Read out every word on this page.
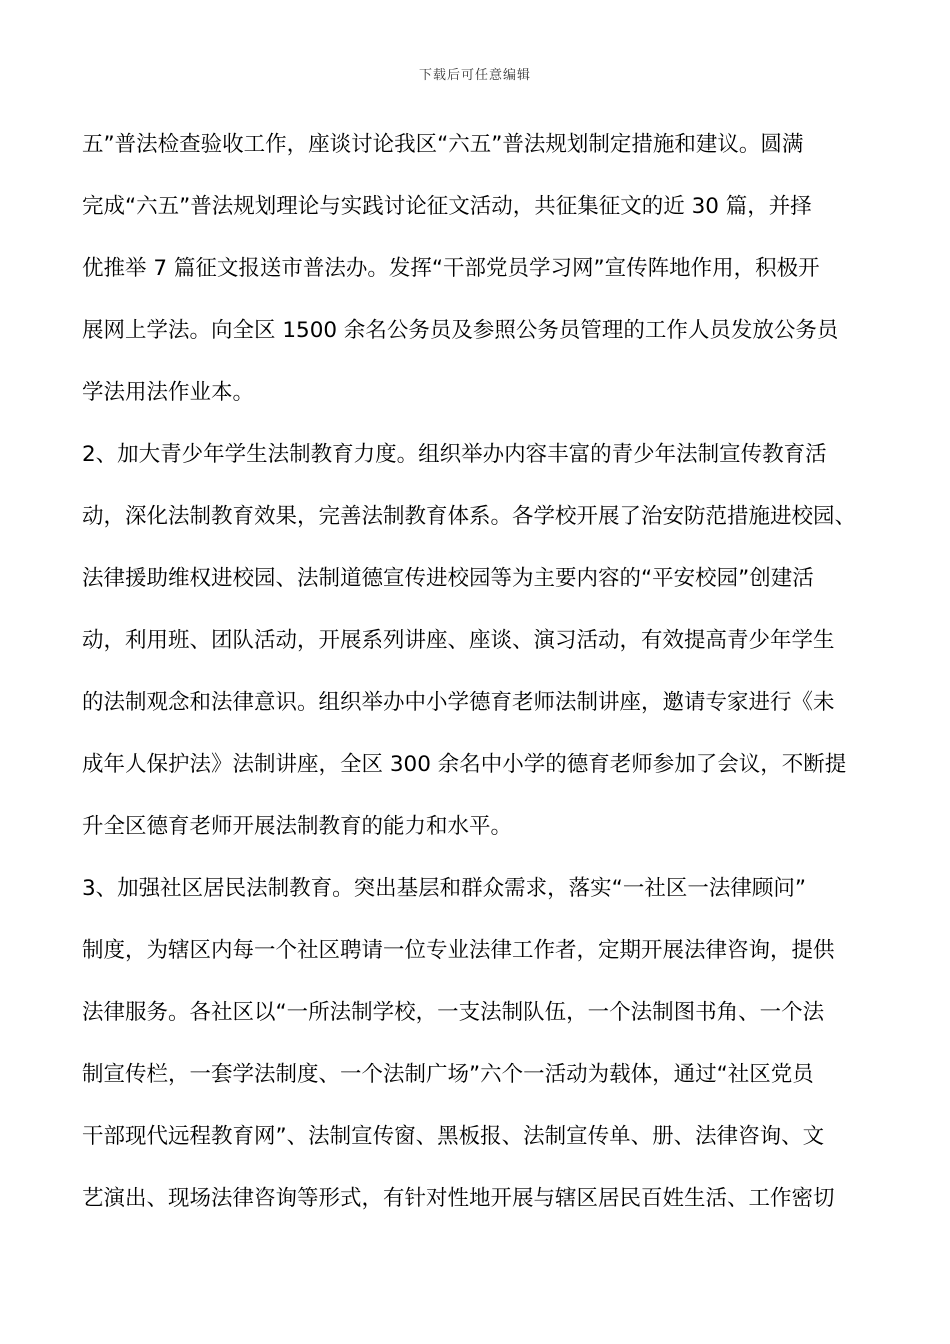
下载后可任意编辑
五”普法检查验收工作，座谈讨论我区“六五”普法规划制定措施和建议。圆满
完成“六五”普法规划理论与实践讨论征文活动，共征集征文的近 30 篇，并择
优推举 7 篇征文报送市普法办。发挥“干部党员学习网”宣传阵地作用，积极开
展网上学法。向全区 1500 余名公务员及参照公务员管理的工作人员发放公务员
学法用法作业本。
2、加大青少年学生法制教育力度。组织举办内容丰富的青少年法制宣传教育活
动，深化法制教育效果，完善法制教育体系。各学校开展了治安防范措施进校园、
法律援助维权进校园、法制道德宣传进校园等为主要内容的“平安校园”创建活
动，利用班、团队活动，开展系列讲座、座谈、演习活动，有效提高青少年学生
的法制观念和法律意识。组织举办中小学德育老师法制讲座，邀请专家进行《未
成年人保护法》法制讲座，全区 300 余名中小学的德育老师参加了会议，不断提
升全区德育老师开展法制教育的能力和水平。
3、加强社区居民法制教育。突出基层和群众需求，落实“一社区一法律顾问”
制度，为辖区内每一个社区聘请一位专业法律工作者，定期开展法律咨询，提供
法律服务。各社区以“一所法制学校，一支法制队伍，一个法制图书角、一个法
制宣传栏，一套学法制度、一个法制广场”六个一活动为载体，通过“社区党员
干部现代远程教育网”、法制宣传窗、黑板报、法制宣传单、册、法律咨询、文
艺演出、现场法律咨询等形式，有针对性地开展与辖区居民百姓生活、工作密切
